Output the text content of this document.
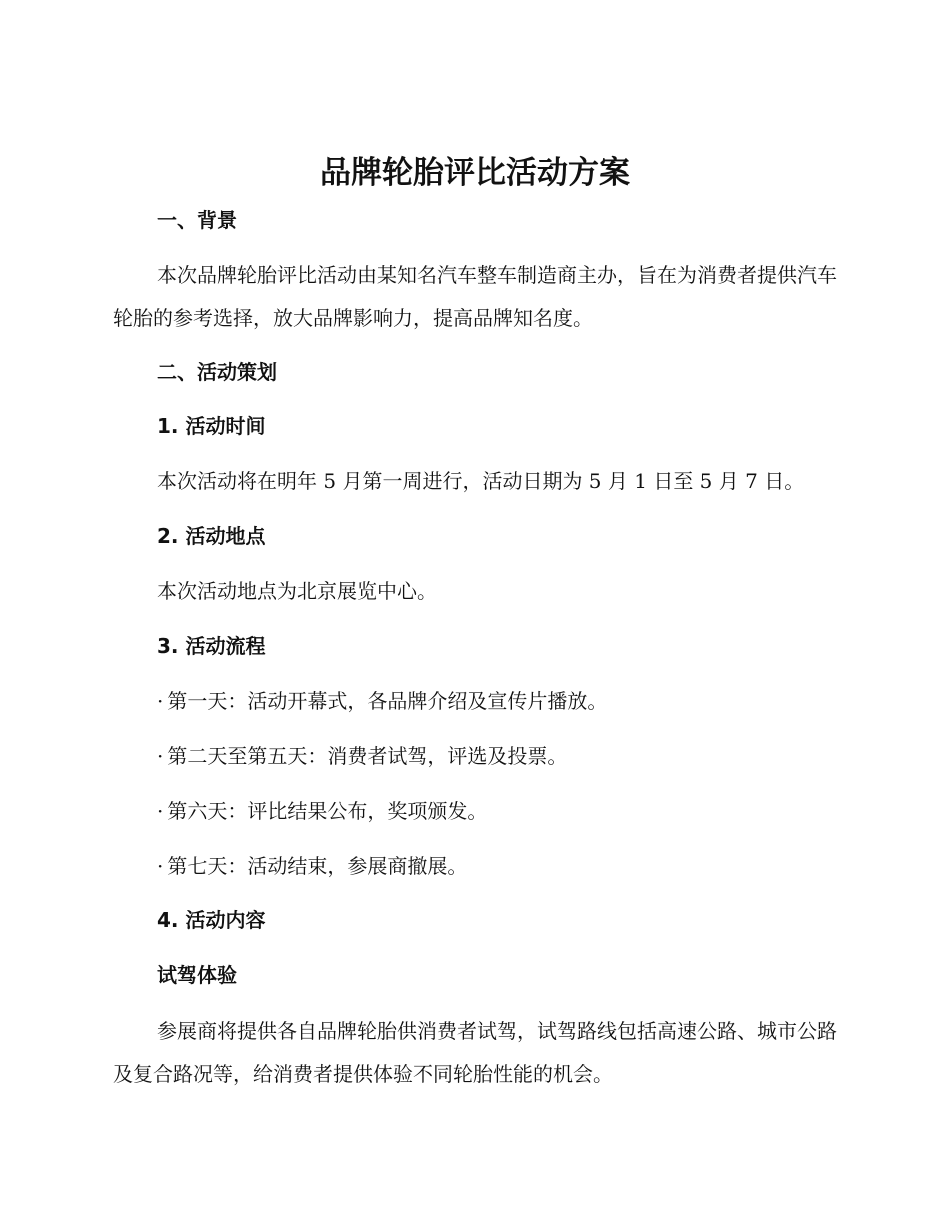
品牌轮胎评比活动方案
一、背景

本次品牌轮胎评比活动由某知名汽车整车制造商主办，旨在为消费者提供汽车轮胎的参考选择，放大品牌影响力，提高品牌知名度。

二、活动策划
1. 活动时间
本次活动将在明年 5 月第一周进行，活动日期为 5 月 1 日至 5 月 7 日。
2. 活动地点
本次活动地点为北京展览中心。
3. 活动流程
· 第一天：活动开幕式，各品牌介绍及宣传片播放。
· 第二天至第五天：消费者试驾，评选及投票。
· 第六天：评比结果公布，奖项颁发。
· 第七天：活动结束，参展商撤展。
4. 活动内容
试驾体验

参展商将提供各自品牌轮胎供消费者试驾，试驾路线包括高速公路、城市公路及复合路况等，给消费者提供体验不同轮胎性能的机会。
